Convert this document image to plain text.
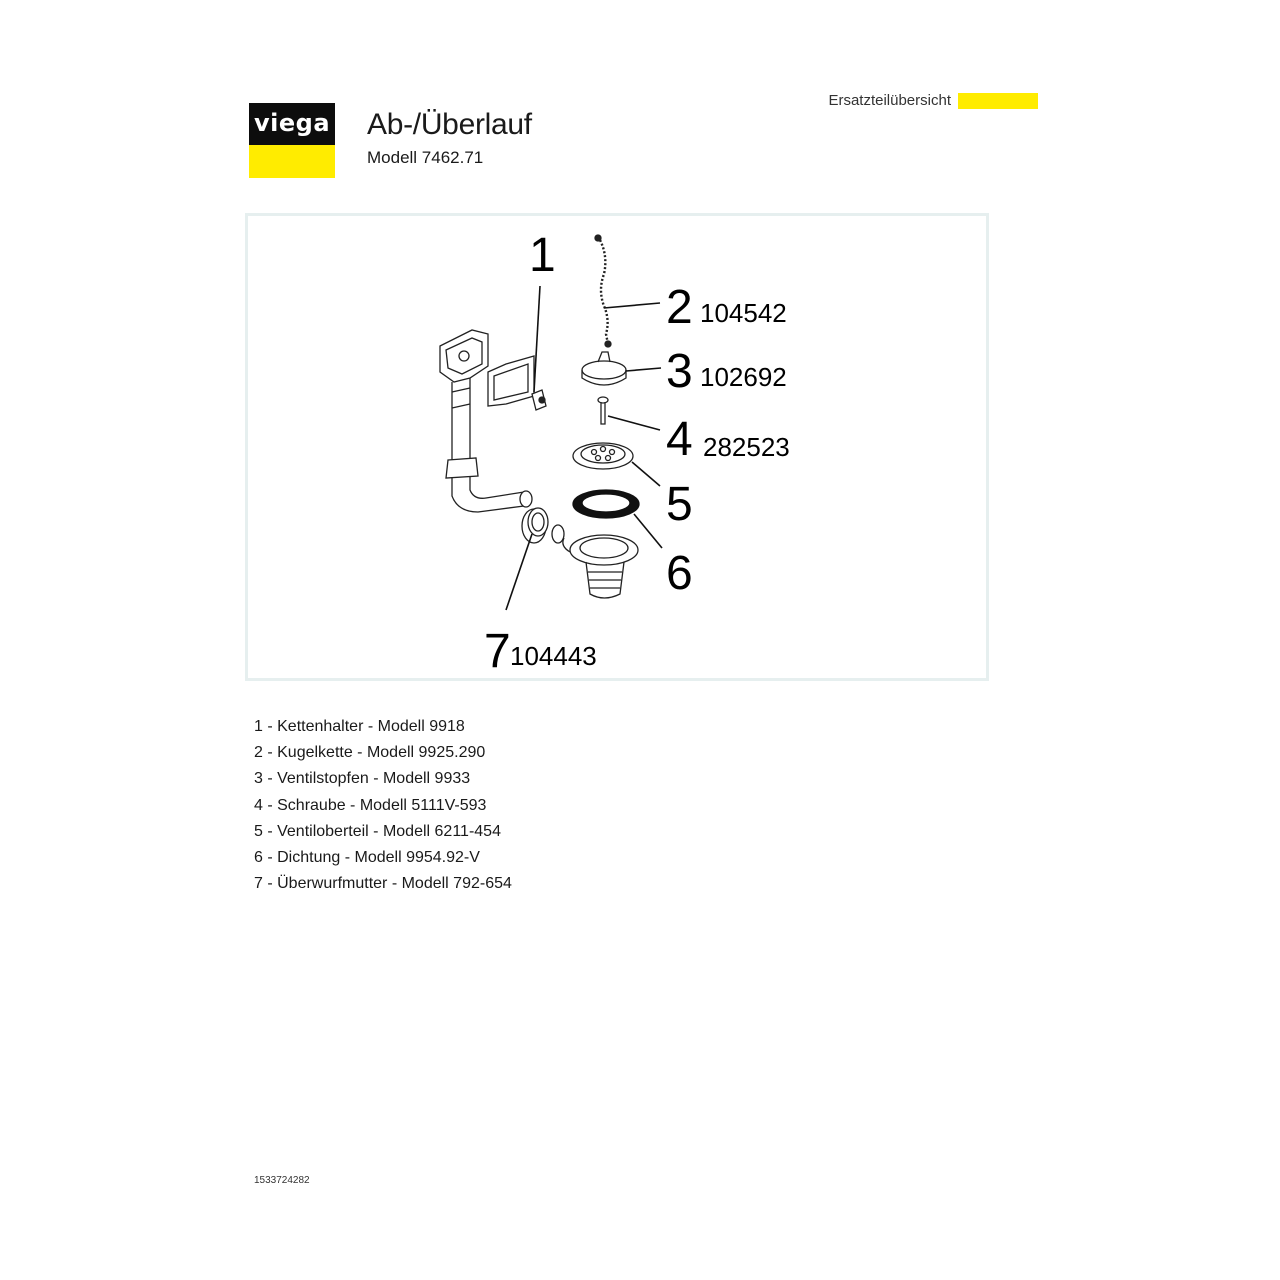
viega Ab-/Überlauf

Modell 7462.71

Ersatzteilübersicht
1
2 104542
3 102692
4 282523
5
6
7 104443
1 - Kettenhalter - Modell 9918
2 - Kugelkette - Modell 9925.290
3 - Ventilstopfen - Modell 9933
4 - Schraube - Modell 5111V-593
5 - Ventiloberteil - Modell 6211-454
6 - Dichtung - Modell 9954.92-V
7 - Überwurfmutter - Modell 792-654
1533724282
